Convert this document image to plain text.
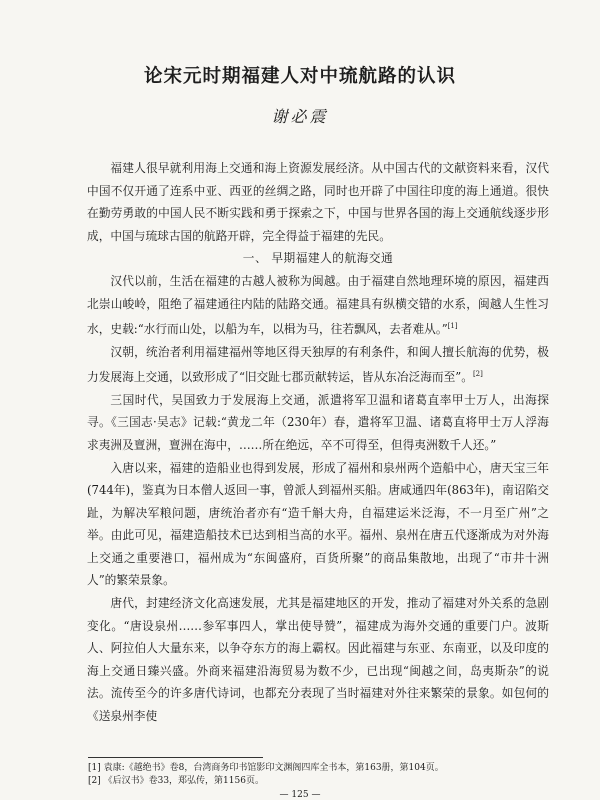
论宋元时期福建人对中琉航路的认识
谢必震

福建人很早就利用海上交通和海上资源发展经济。从中国古代的文献资料来看，汉代中国不仅开通了连系中亚、西亚的丝绸之路，同时也开辟了中国往印度的海上通道。很快在勤劳勇敢的中国人民不断实践和勇于探索之下，中国与世界各国的海上交通航线逐步形成，中国与琉球古国的航路开辟，完全得益于福建的先民。

一、 早期福建人的航海交通

汉代以前，生活在福建的古越人被称为闽越。由于福建自然地理环境的原因，福建西北崇山峻岭，阻绝了福建通往内陆的陆路交通。福建具有纵横交错的水系，闽越人生性习水，史载:“水行而山处，以船为车，以楫为马，往若飘风，去者难从。”[1]

汉朝，统治者利用福建福州等地区得天独厚的有利条件，和闽人擅长航海的优势，极力发展海上交通，以致形成了“旧交趾七郡贡献转运，皆从东冶泛海而至”。[2]

三国时代，吴国致力于发展海上交通，派遣将军卫温和诸葛直率甲士万人，出海探寻。《三国志·吴志》记载:“黄龙二年（230年）春，遣将军卫温、诸葛直将甲士万人浮海求夷洲及亶洲，亶洲在海中，……所在绝远，卒不可得至，但得夷洲数千人还。”

入唐以来，福建的造船业也得到发展，形成了福州和泉州两个造船中心，唐天宝三年(744年)，鉴真为日本僧人返回一事，曾派人到福州买船。唐咸通四年(863年)，南诏陷交趾，为解决军粮问题，唐统治者亦有“造千斛大舟，自福建运米泛海，不一月至广州”之举。由此可见，福建造船技术已达到相当高的水平。福州、泉州在唐五代逐渐成为对外海上交通之重要港口，福州成为“东闽盛府，百货所聚”的商品集散地，出现了“市井十洲人”的繁荣景象。

唐代，封建经济文化高速发展，尤其是福建地区的开发，推动了福建对外关系的急剧变化。“唐设泉州……参军事四人，掌出使导赞”，福建成为海外交通的重要门户。波斯人、阿拉伯人大量东来，以争夺东方的海上霸权。因此福建与东亚、东南亚，以及印度的海上交通日臻兴盛。外商来福建沿海贸易为数不少，已出现“闽越之间，岛夷斯杂”的说法。流传至今的许多唐代诗词，也都充分表现了当时福建对外往来繁荣的景象。如包何的《送泉州李使

[1] 袁康:《越绝书》卷8，台湾商务印书馆影印文渊阁四库全书本，第163册，第104页。
[2] 《后汉书》卷33，郑弘传，第1156页。
— 125 —
